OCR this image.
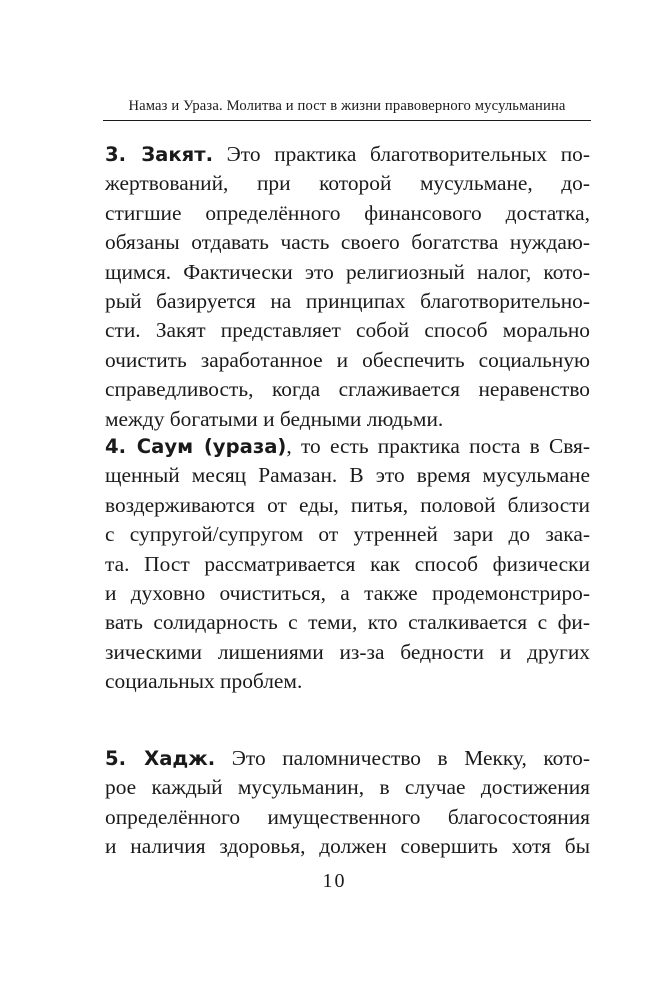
Намаз и Ураза. Молитва и пост в жизни правоверного мусульманина
3. Закят. Это практика благотворительных по-
жертвований, при которой мусульмане, до-
стигшие определённого финансового достатка,
обязаны отдавать часть своего богатства нуждаю-
щимся. Фактически это религиозный налог, кото-
рый базируется на принципах благотворительно-
сти. Закят представляет собой способ морально
очистить заработанное и обеспечить социальную
справедливость, когда сглаживается неравенство
между богатыми и бедными людьми.
4. Саум (ураза), то есть практика поста в Свя-
щенный месяц Рамазан. В это время мусульмане
воздерживаются от еды, питья, половой близости
с супругой/супругом от утренней зари до зака-
та. Пост рассматривается как способ физически
и духовно очиститься, а также продемонстриро-
вать солидарность с теми, кто сталкивается с фи-
зическими лишениями из-за бедности и других
социальных проблем.
5. Хадж. Это паломничество в Мекку, кото-
рое каждый мусульманин, в случае достижения
определённого имущественного благосостояния
и наличия здоровья, должен совершить хотя бы
10
